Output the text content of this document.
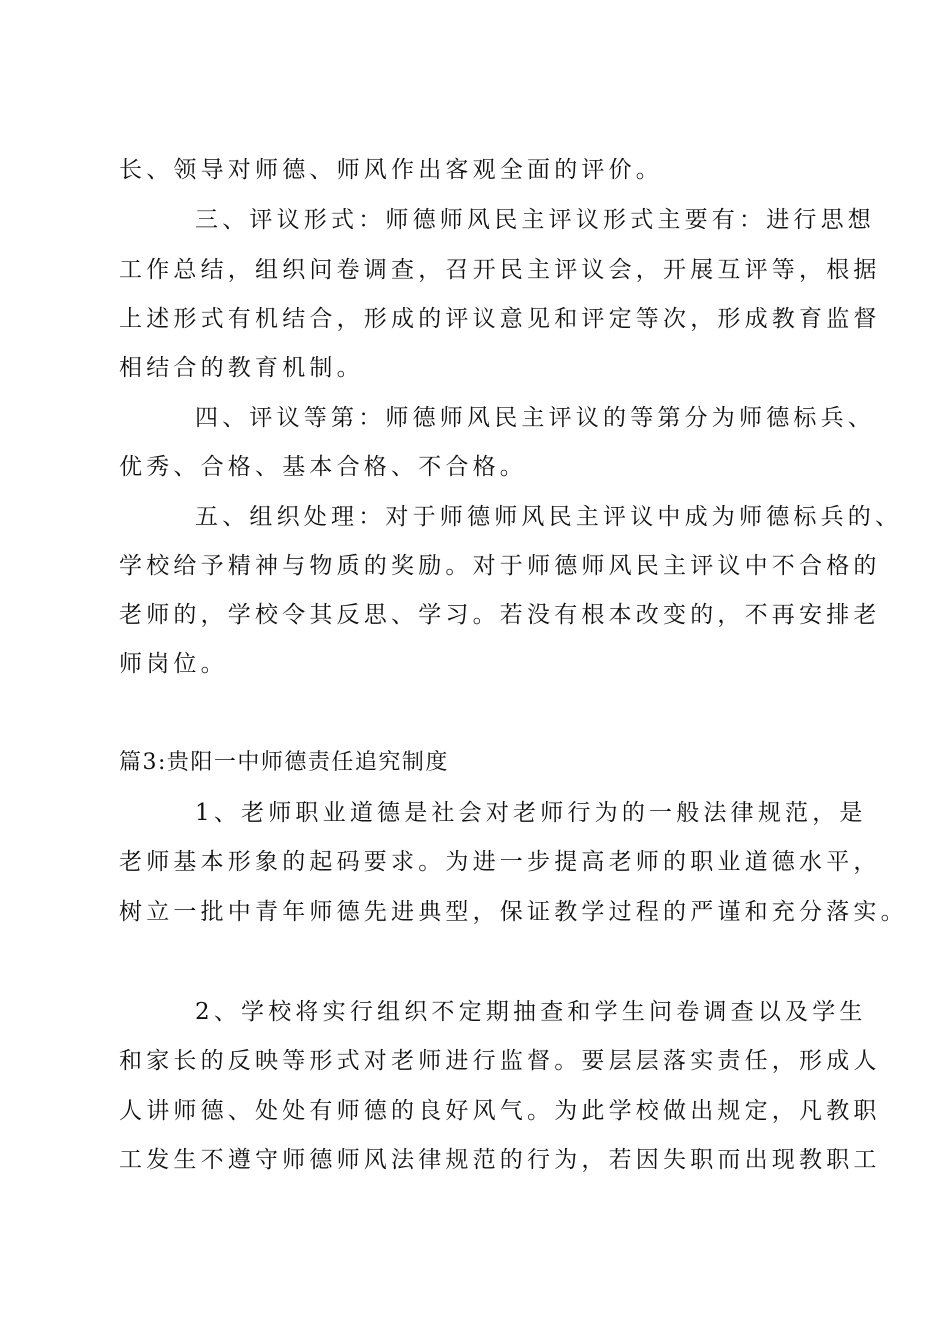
长、领导对师德、师风作出客观全面的评价。
三、评议形式：师德师风民主评议形式主要有：进行思想
工作总结，组织问卷调查，召开民主评议会，开展互评等，根据
上述形式有机结合，形成的评议意见和评定等次，形成教育监督
相结合的教育机制。
四、评议等第：师德师风民主评议的等第分为师德标兵、
优秀、合格、基本合格、不合格。
五、组织处理：对于师德师风民主评议中成为师德标兵的、
学校给予精神与物质的奖励。对于师德师风民主评议中不合格的
老师的，学校令其反思、学习。若没有根本改变的，不再安排老
师岗位。
篇3:贵阳一中师德责任追究制度
1、老师职业道德是社会对老师行为的一般法律规范，是
老师基本形象的起码要求。为进一步提高老师的职业道德水平，
树立一批中青年师德先进典型，保证教学过程的严谨和充分落实。
2、学校将实行组织不定期抽查和学生问卷调查以及学生
和家长的反映等形式对老师进行监督。要层层落实责任，形成人
人讲师德、处处有师德的良好风气。为此学校做出规定，凡教职
工发生不遵守师德师风法律规范的行为，若因失职而出现教职工
